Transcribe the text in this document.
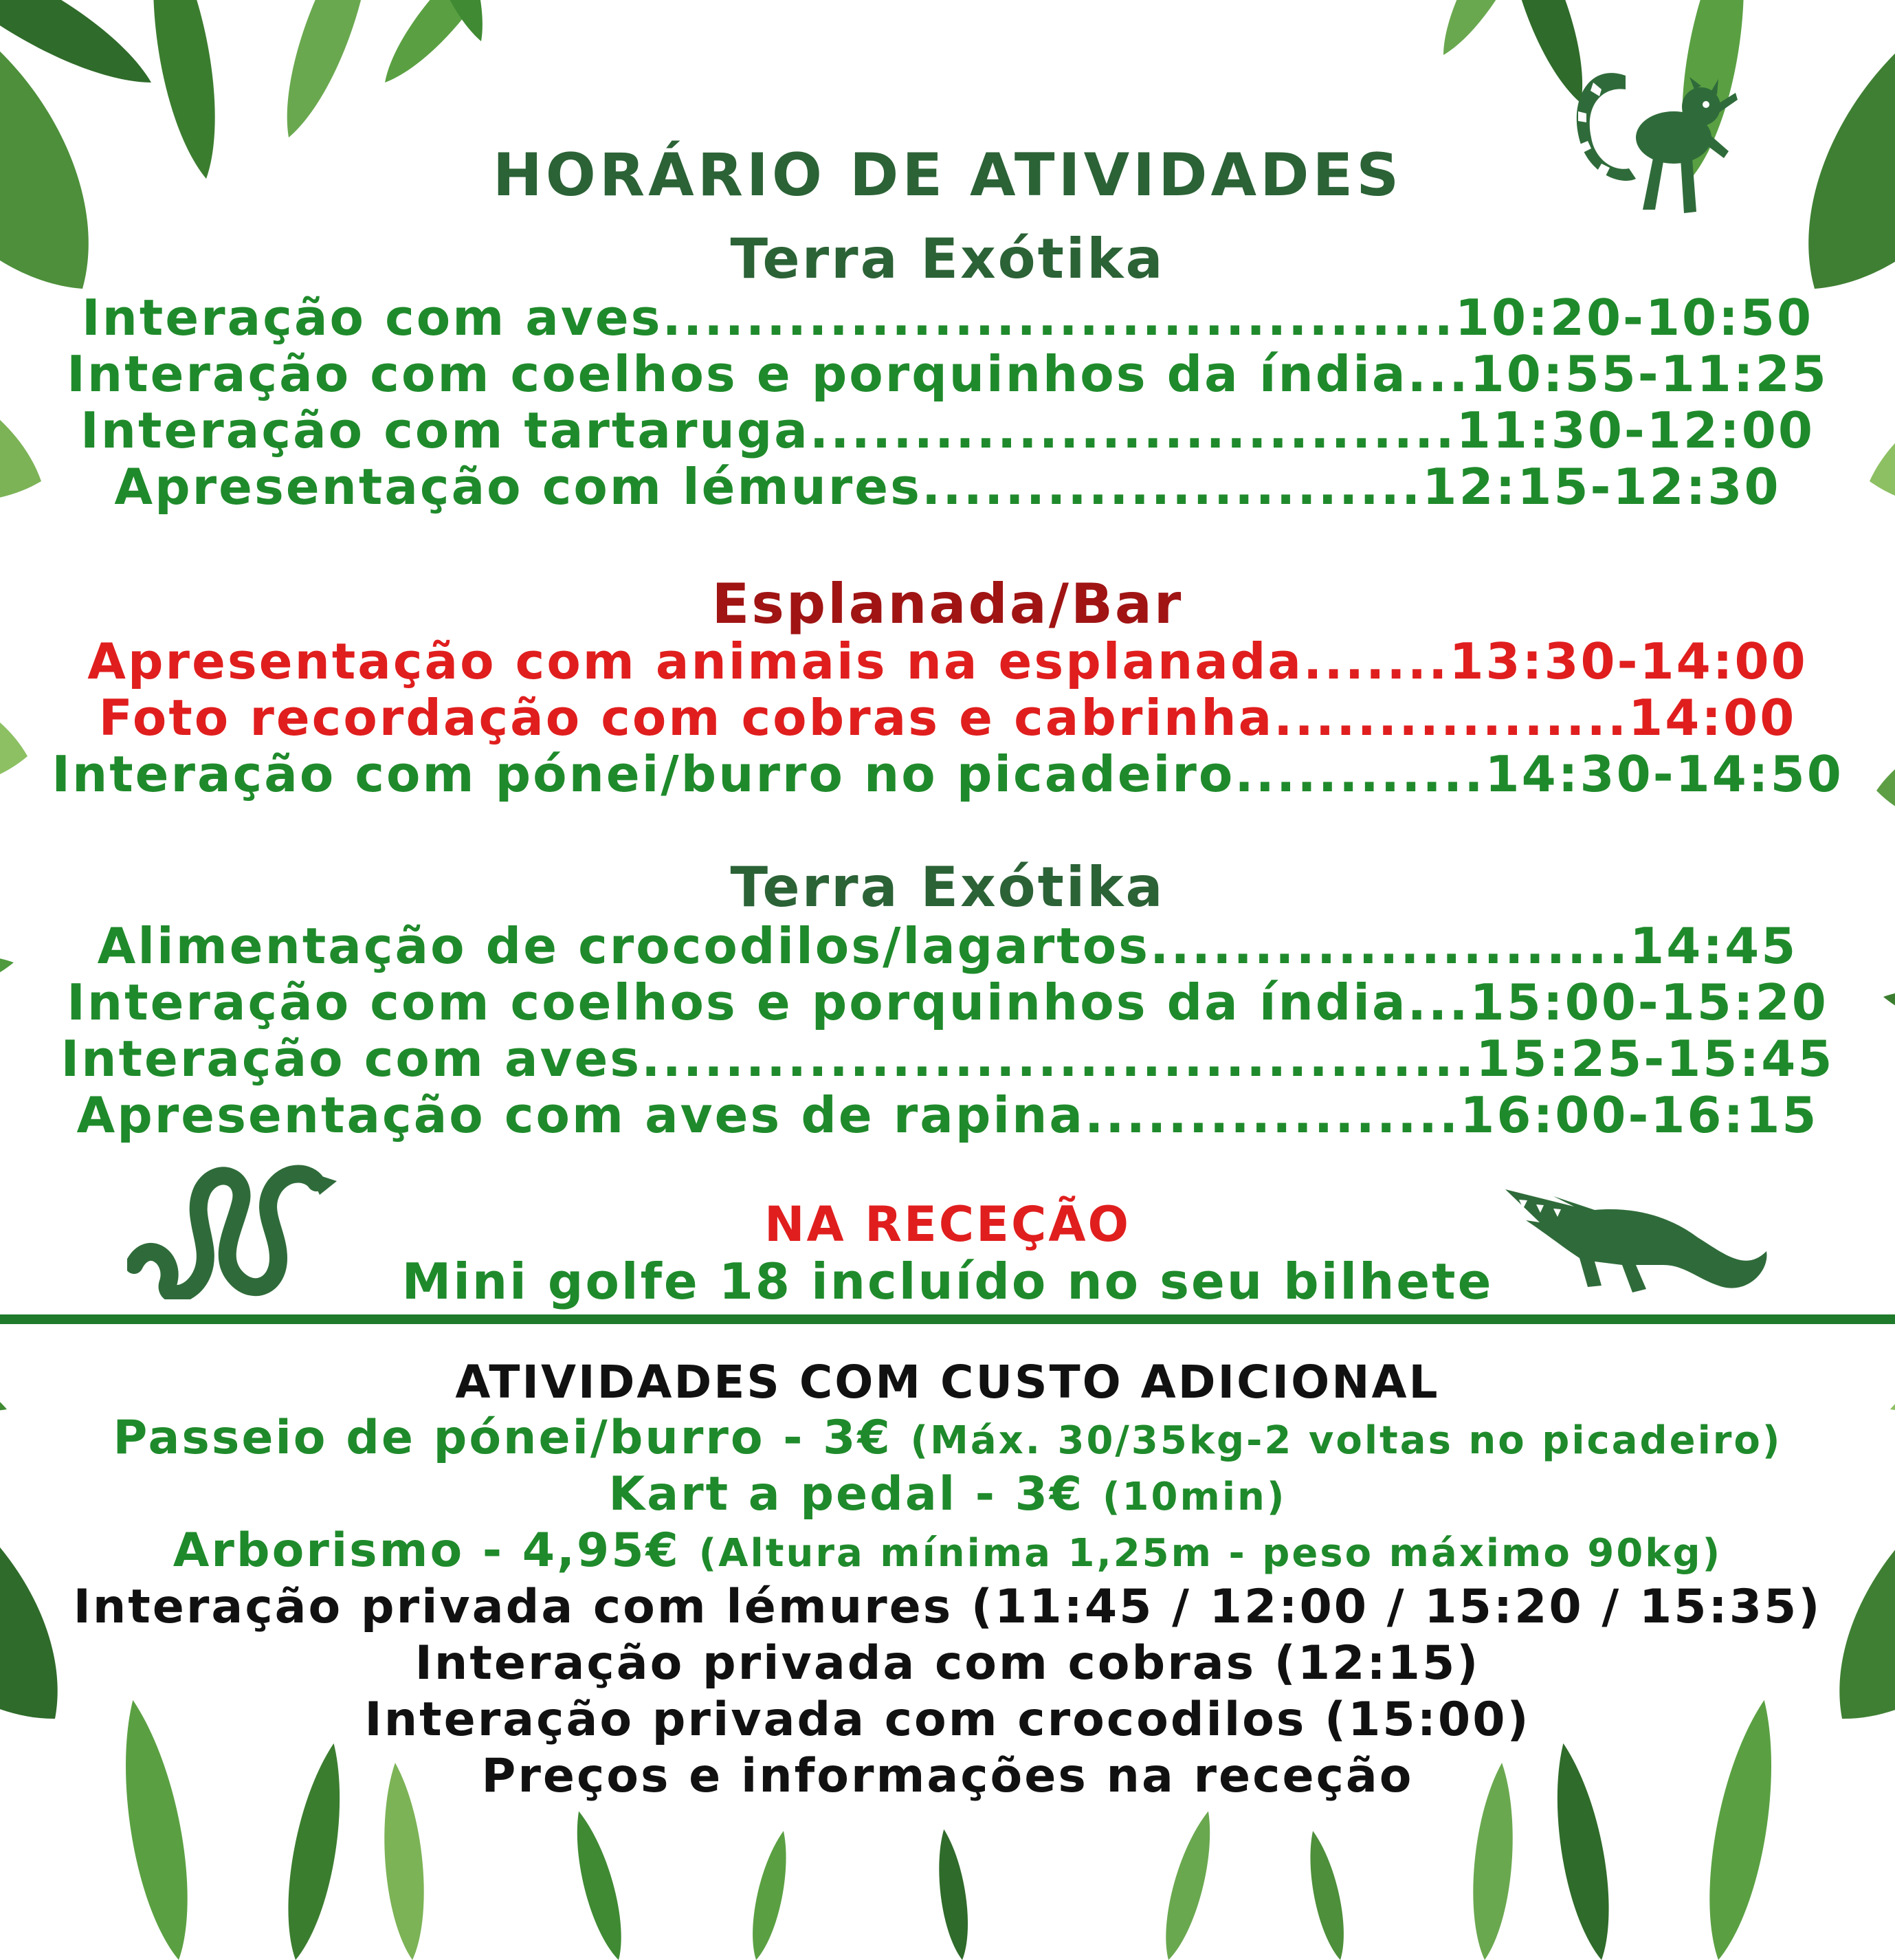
HORÁRIO DE ATIVIDADES
Terra Exótika
Interação com aves......................................10:20-10:50
Interação com coelhos e porquinhos da índia...10:55-11:25
Interação com tartaruga...............................11:30-12:00
Apresentação com lémures........................12:15-12:30
Esplanada/Bar
Apresentação com animais na esplanada.......13:30-14:00
Foto recordação com cobras e cabrinha.................14:00
Interação com pónei/burro no picadeiro............14:30-14:50
Terra Exótika
Alimentação de crocodilos/lagartos.......................14:45
Interação com coelhos e porquinhos da índia...15:00-15:20
Interação com aves........................................15:25-15:45
Apresentação com aves de rapina..................16:00-16:15
NA RECEÇÃO
Mini golfe 18 incluído no seu bilhete
ATIVIDADES COM CUSTO ADICIONAL
Passeio de pónei/burro - 3€ (Máx. 30/35kg-2 voltas no picadeiro)
Kart a pedal - 3€ (10min)
Arborismo - 4,95€ (Altura mínima 1,25m - peso máximo 90kg)
Interação privada com lémures (11:45 / 12:00 / 15:20 / 15:35)
Interação privada com cobras (12:15)
Interação privada com crocodilos (15:00)
Preços e informações na receção
